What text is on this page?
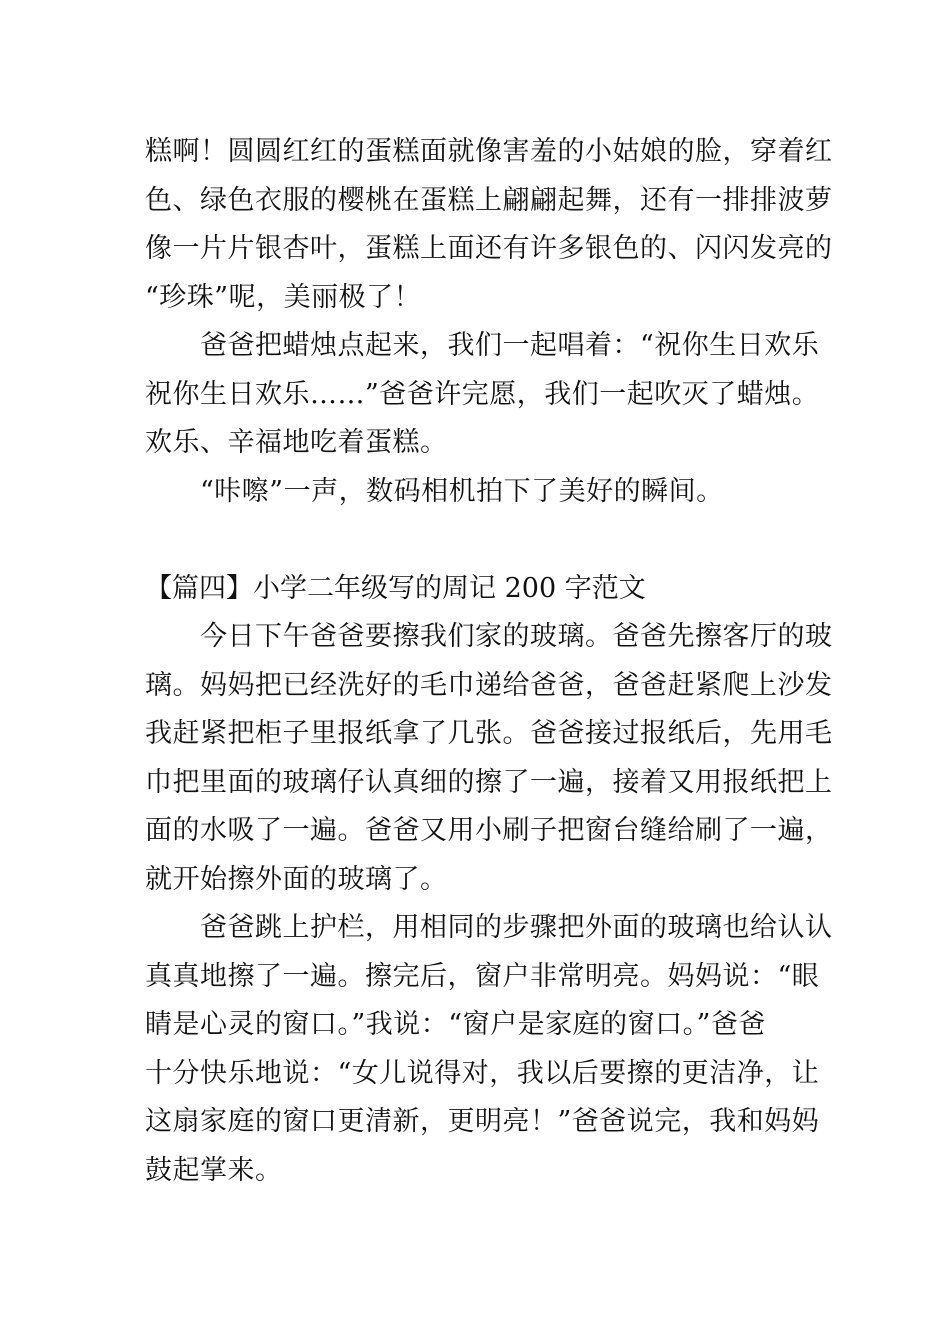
糕啊！圆圆红红的蛋糕面就像害羞的小姑娘的脸，穿着红
色、绿色衣服的樱桃在蛋糕上翩翩起舞，还有一排排波萝
像一片片银杏叶，蛋糕上面还有许多银色的、闪闪发亮的
“珍珠”呢，美丽极了！
爸爸把蜡烛点起来，我们一起唱着：“祝你生日欢乐
祝你生日欢乐……”爸爸许完愿，我们一起吹灭了蜡烛。
欢乐、辛福地吃着蛋糕。
“咔嚓”一声，数码相机拍下了美好的瞬间。
【篇四】小学二年级写的周记 200 字范文
今日下午爸爸要擦我们家的玻璃。爸爸先擦客厅的玻
璃。妈妈把已经洗好的毛巾递给爸爸，爸爸赶紧爬上沙发
我赶紧把柜子里报纸拿了几张。爸爸接过报纸后，先用毛
巾把里面的玻璃仔认真细的擦了一遍，接着又用报纸把上
面的水吸了一遍。爸爸又用小刷子把窗台缝给刷了一遍，
就开始擦外面的玻璃了。
爸爸跳上护栏，用相同的步骤把外面的玻璃也给认认
真真地擦了一遍。擦完后，窗户非常明亮。妈妈说：“眼
睛是心灵的窗口。”我说：“窗户是家庭的窗口。”爸爸
十分快乐地说：“女儿说得对，我以后要擦的更洁净，让
这扇家庭的窗口更清新，更明亮！”爸爸说完，我和妈妈
鼓起掌来。
